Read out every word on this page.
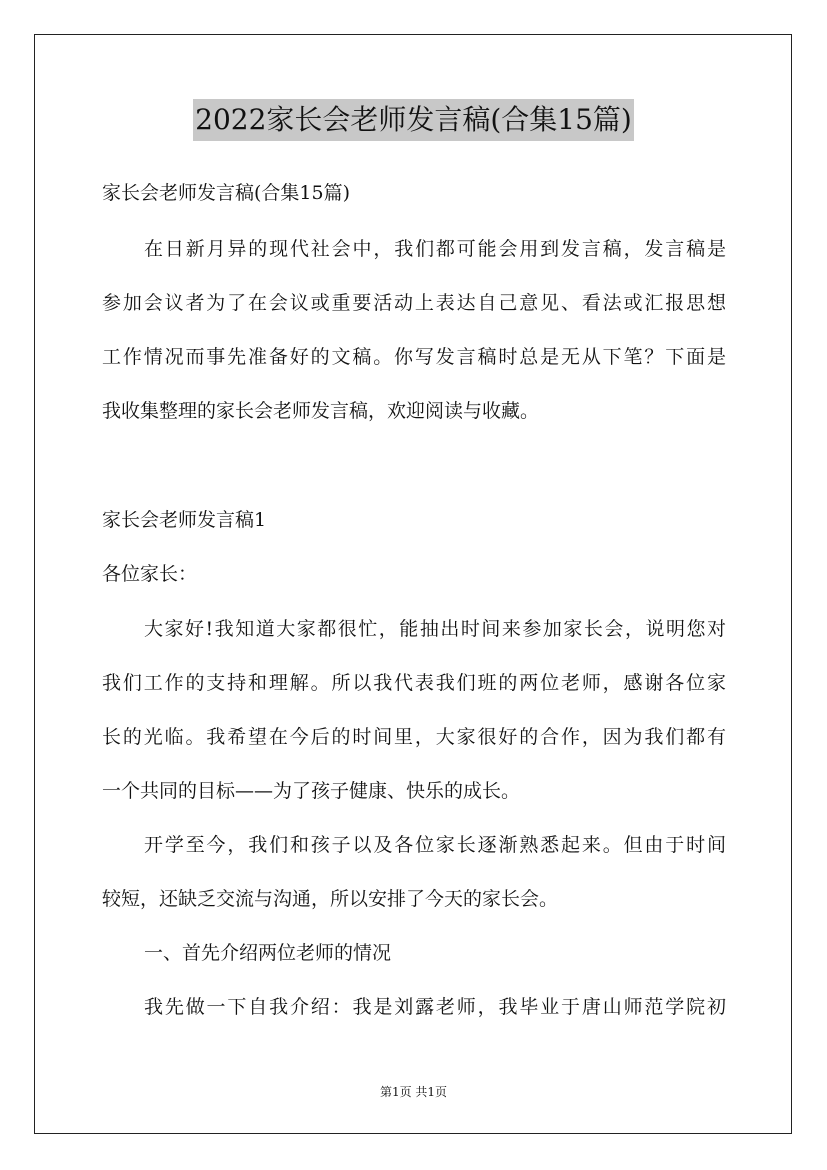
2022家长会老师发言稿(合集15篇)

家长会老师发言稿(合集15篇)

在日新月异的现代社会中，我们都可能会用到发言稿，发言稿是

参加会议者为了在会议或重要活动上表达自己意见、看法或汇报思想

工作情况而事先准备好的文稿。你写发言稿时总是无从下笔？下面是

我收集整理的家长会老师发言稿，欢迎阅读与收藏。

家长会老师发言稿1

各位家长：

大家好!我知道大家都很忙，能抽出时间来参加家长会，说明您对

我们工作的支持和理解。所以我代表我们班的两位老师，感谢各位家

长的光临。我希望在今后的时间里，大家很好的合作，因为我们都有

一个共同的目标——为了孩子健康、快乐的成长。

开学至今，我们和孩子以及各位家长逐渐熟悉起来。但由于时间

较短，还缺乏交流与沟通，所以安排了今天的家长会。

一、首先介绍两位老师的情况

我先做一下自我介绍：我是刘露老师，我毕业于唐山师范学院初

第1页 共1页
